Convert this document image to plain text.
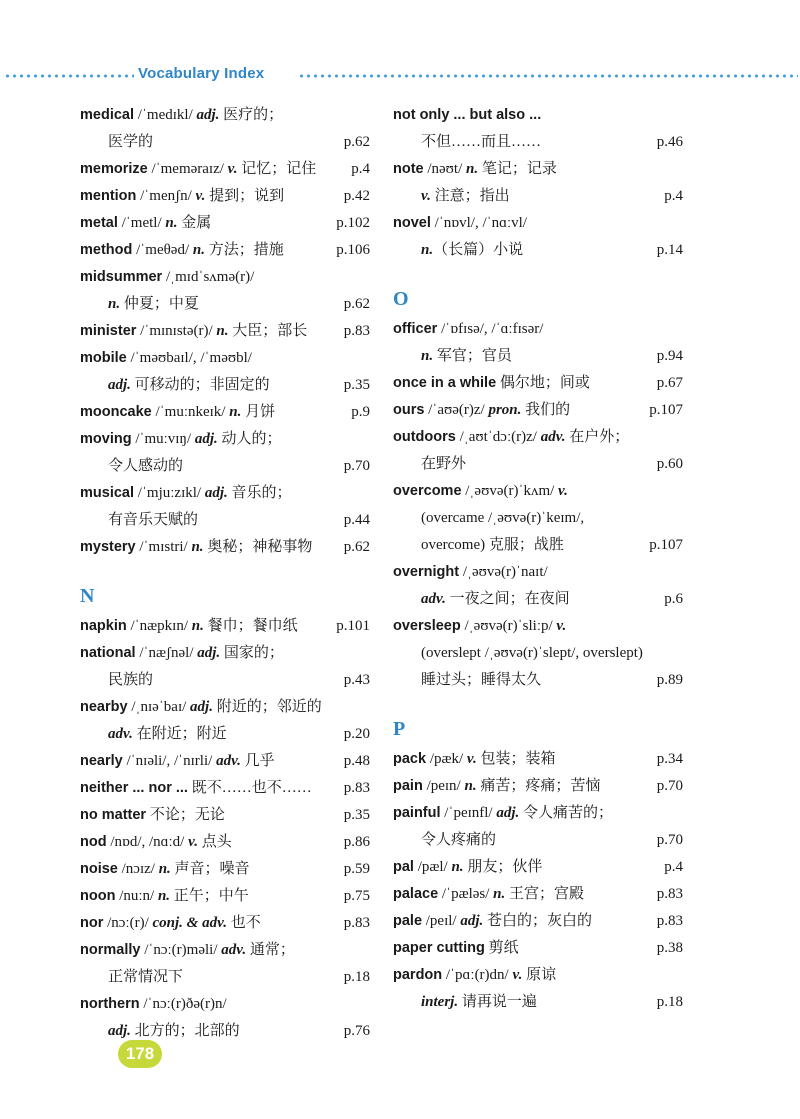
Vocabulary Index
medical /ˈmedɪkl/ adj. 医疗的；
医学的	p.62
memorize /ˈmeməraɪz/ v. 记忆；记住 p.4
mention /ˈmenʃn/ v. 提到；说到	p.42
metal /ˈmetl/ n. 金属	p.102
method /ˈmeθəd/ n. 方法；措施	p.106
midsummer /ˌmɪdˈsʌmə(r)/
n. 仲夏；中夏	p.62
minister /ˈmɪnɪstə(r)/ n. 大臣；部长 p.83
mobile /ˈməʊbaɪl/, /ˈməʊbl/
adj. 可移动的；非固定的	p.35
mooncake /ˈmuːnkeɪk/ n. 月饼	p.9
moving /ˈmuːvɪŋ/ adj. 动人的；
令人感动的	p.70
musical /ˈmjuːzɪkl/ adj. 音乐的；
有音乐天赋的	p.44
mystery /ˈmɪstri/ n. 奥秘；神秘事物 p.62
N
napkin /ˈnæpkɪn/ n. 餐巾；餐巾纸	p.101
national /ˈnæʃnəl/ adj. 国家的；
民族的	p.43
nearby /ˌnɪəˈbaɪ/ adj. 附近的；邻近的
adv. 在附近；附近	p.20
nearly /ˈnɪəli/, /ˈnɪrli/ adv. 几乎	p.48
neither ... nor ... 既不……也不…… p.83
no matter 不论；无论	p.35
nod /nɒd/, /nɑːd/ v. 点头	p.86
noise /nɔɪz/ n. 声音；噪音	p.59
noon /nuːn/ n. 正午；中午	p.75
nor /nɔː(r)/ conj. & adv. 也不	p.83
normally /ˈnɔː(r)məli/ adv. 通常；
正常情况下	p.18
northern /ˈnɔː(r)ðə(r)n/
adj. 北方的；北部的	p.76
not only ... but also ...
不但……而且……	p.46
note /nəʊt/ n. 笔记；记录
v. 注意；指出	p.4
novel /ˈnɒvl/, /ˈnɑːvl/
n.（长篇）小说	p.14
O
officer /ˈɒfɪsə/, /ˈɑːfɪsər/
n. 军官；官员	p.94
once in a while 偶尔地；间或	p.67
ours /ˈaʊə(r)z/ pron. 我们的	p.107
outdoors /ˌaʊtˈdɔː(r)z/ adv. 在户外；
在野外	p.60
overcome /ˌəʊvə(r)ˈkʌm/ v.
(overcame /ˌəʊvə(r)ˈkeɪm/,
overcome) 克服；战胜	p.107
overnight /ˌəʊvə(r)ˈnaɪt/
adv. 一夜之间；在夜间	p.6
oversleep /ˌəʊvə(r)ˈsliːp/ v.
(overslept /ˌəʊvə(r)ˈslept/, overslept)
睡过头；睡得太久	p.89
P
pack /pæk/ v. 包装；装箱	p.34
pain /peɪn/ n. 痛苦；疼痛；苦恼	p.70
painful /ˈpeɪnfl/ adj. 令人痛苦的；
令人疼痛的	p.70
pal /pæl/ n. 朋友；伙伴	p.4
palace /ˈpæləs/ n. 王宫；宫殿	p.83
pale /peɪl/ adj. 苍白的；灰白的	p.83
paper cutting 剪纸	p.38
pardon /ˈpɑː(r)dn/ v. 原谅
interj. 请再说一遍	p.18
178
